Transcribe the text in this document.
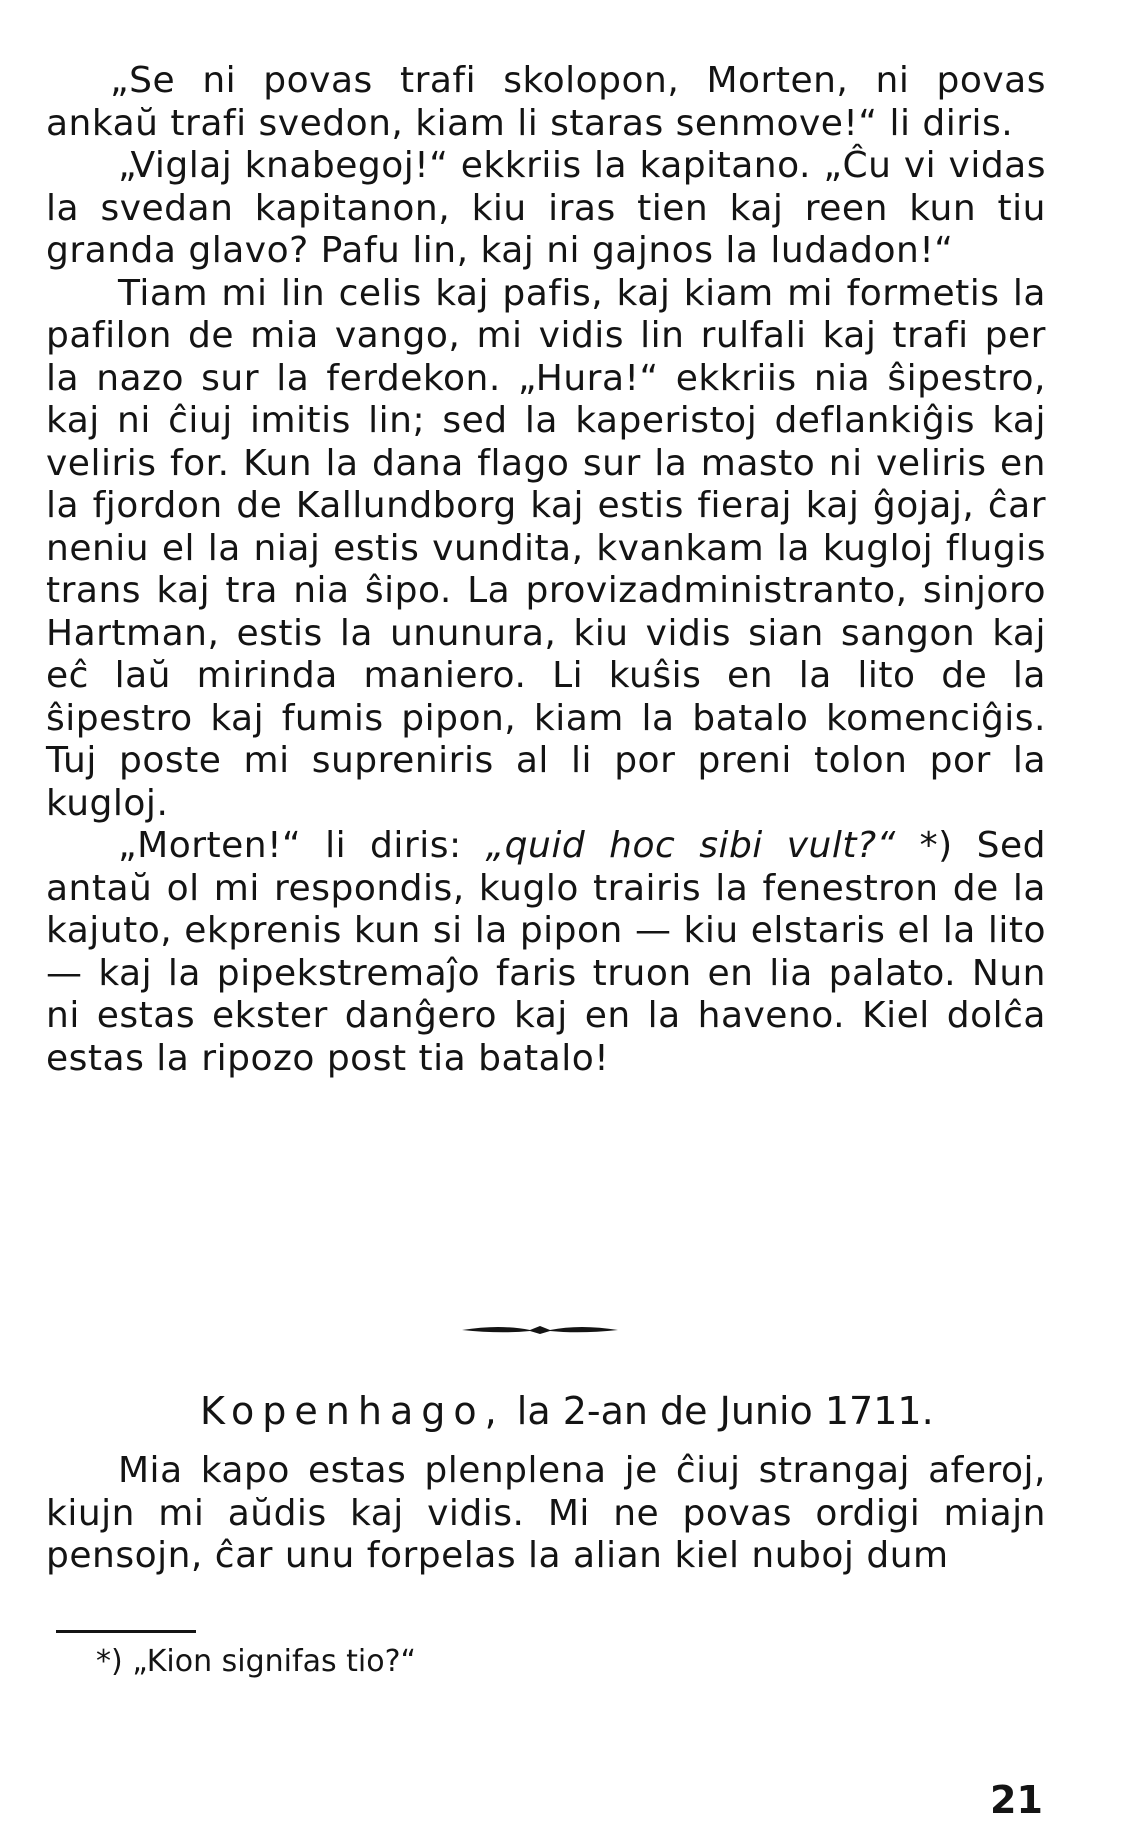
„Se ni povas trafi skolopon, Morten, ni povas ankaŭ trafi svedon, kiam li staras senmove!“ li diris.

„Viglaj knabegoj!“ ekkriis la kapitano. „Ĉu vi vidas la svedan kapitanon, kiu iras tien kaj reen kun tiu granda glavo? Pafu lin, kaj ni gajnos la ludadon!“

Tiam mi lin celis kaj pafis, kaj kiam mi formetis la pafilon de mia vango, mi vidis lin rulfali kaj trafi per la nazo sur la ferdekon. „Hura!“ ekkriis nia ŝipestro, kaj ni ĉiuj imitis lin; sed la kaperistoj deflankiĝis kaj veliris for. Kun la dana flago sur la masto ni veliris en la fjordon de Kallundborg kaj estis fieraj kaj ĝojaj, ĉar neniu el la niaj estis vundita, kvankam la kugloj flugis trans kaj tra nia ŝipo. La provizadministranto, sinjoro Hartman, estis la ununura, kiu vidis sian sangon kaj eĉ laŭ mirinda maniero. Li kuŝis en la lito de la ŝipestro kaj fumis pipon, kiam la batalo komenciĝis. Tuj poste mi supreniris al li por preni tolon por la kugloj.

„Morten!“ li diris: „quid hoc sibi vult?“ *) Sed antaŭ ol mi respondis, kuglo trairis la fenestron de la kajuto, ekprenis kun si la pipon — kiu elstaris el la lito — kaj la pipekstremaĵo faris truon en lia palato. Nun ni estas ekster danĝero kaj en la haveno. Kiel dolĉa estas la ripozo post tia batalo!

Kopenhago, la 2-an de Junio 1711.

Mia kapo estas plenplena je ĉiuj strangaj aferoj, kiujn mi aŭdis kaj vidis. Mi ne povas ordigi miajn pensojn, ĉar unu forpelas la alian kiel nuboj dum

*) „Kion signifas tio?“
21
